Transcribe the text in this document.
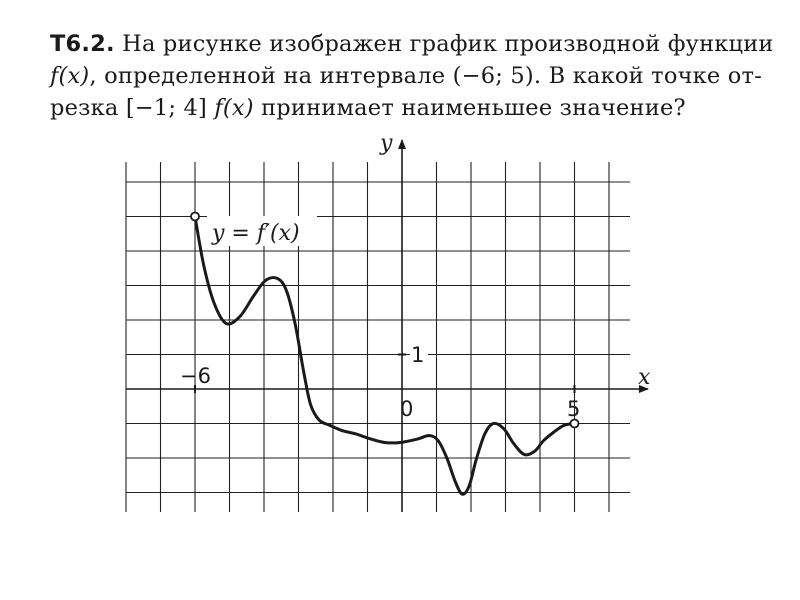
Т6.2. На рисунке изображен график производной функции
f(x), определенной на интервале (−6; 5). В какой точке от-
резка [−1; 4] f(x) принимает наименьшее значение?
y = f′(x)
y
x
−6
0	5
1
